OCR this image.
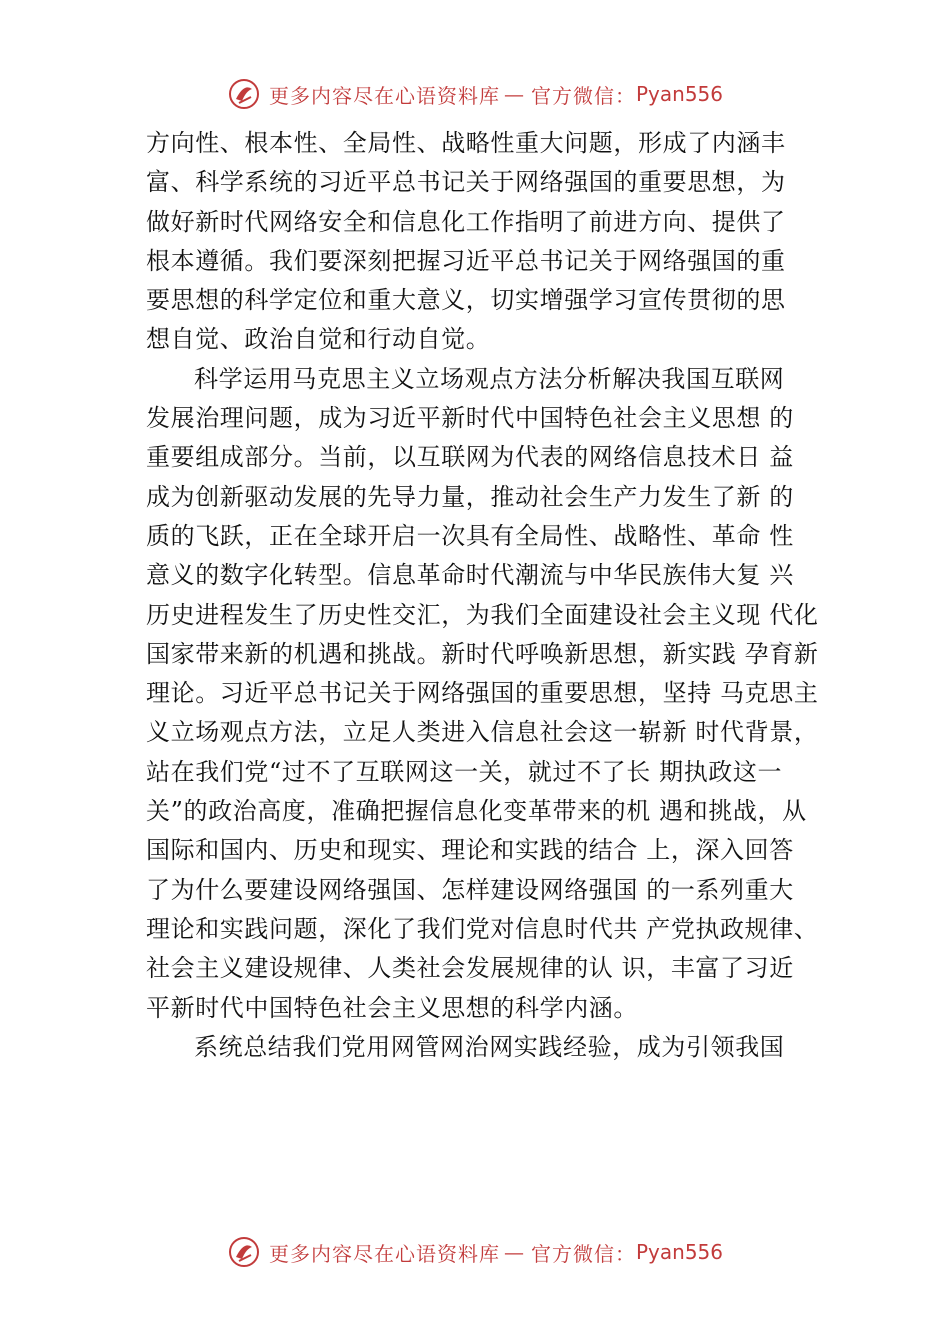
更多内容尽在心语资料库 — 官方微信： Pyan556
方向性、根本性、全局性、战略性重大问题，形成了内涵丰
富、科学系统的习近平总书记关于网络强国的重要思想，为
做好新时代网络安全和信息化工作指明了前进方向、提供了
根本遵循。我们要深刻把握习近平总书记关于网络强国的重
要思想的科学定位和重大意义，切实增强学习宣传贯彻的思
想自觉、政治自觉和行动自觉。
科学运用马克思主义立场观点方法分析解决我国互联网
发展治理问题，成为习近平新时代中国特色社会主义思想 的
重要组成部分。当前，以互联网为代表的网络信息技术日 益
成为创新驱动发展的先导力量，推动社会生产力发生了新 的
质的飞跃，正在全球开启一次具有全局性、战略性、革命 性
意义的数字化转型。信息革命时代潮流与中华民族伟大复 兴
历史进程发生了历史性交汇，为我们全面建设社会主义现 代化
国家带来新的机遇和挑战。新时代呼唤新思想，新实践 孕育新
理论。习近平总书记关于网络强国的重要思想，坚持 马克思主
义立场观点方法，立足人类进入信息社会这一崭新 时代背景，
站在我们党“过不了互联网这一关，就过不了长 期执政这一
关”的政治高度，准确把握信息化变革带来的机 遇和挑战，从
国际和国内、历史和现实、理论和实践的结合 上，深入回答
了为什么要建设网络强国、怎样建设网络强国 的一系列重大
理论和实践问题，深化了我们党对信息时代共 产党执政规律、
社会主义建设规律、人类社会发展规律的认 识，丰富了习近
平新时代中国特色社会主义思想的科学内涵。
系统总结我们党用网管网治网实践经验，成为引领我国
更多内容尽在心语资料库 — 官方微信： Pyan556
